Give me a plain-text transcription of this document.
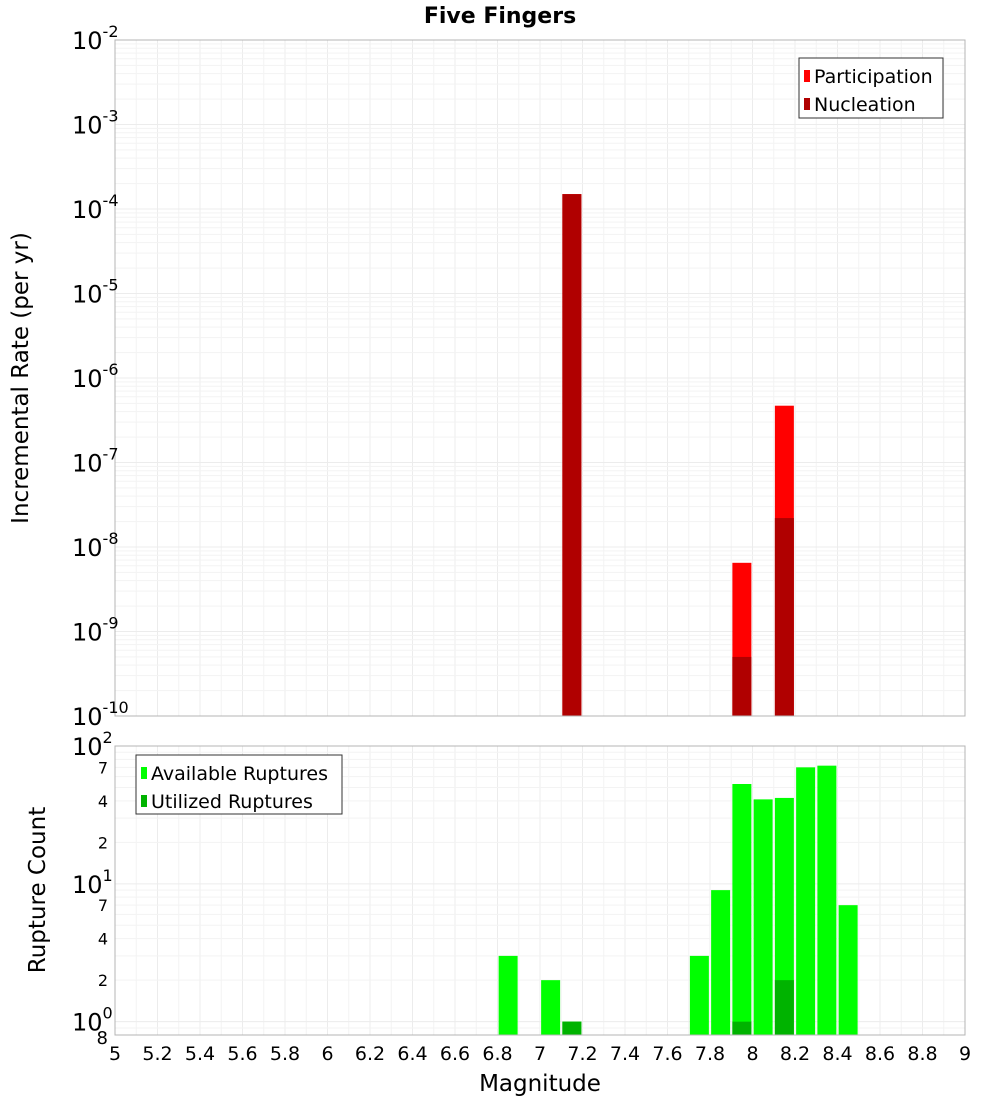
Five Fingers
$10^{-2}$
$10^{-3}$
$10^{-4}$
$10^{-5}$
$10^{-6}$
$10^{-7}$
$10^{-8}$
$10^{-9}$
$10^{-10}$
Incremental Rate (per yr)
Participation
Nucleation
$10^2$
$10^1$
$10^0$
7
4
2
7
4
2
8
Rupture Count
Available Ruptures
Utilized Ruptures
5 5.2 5.4 5.6 5.8 6 6.2 6.4 6.6 6.8 7 7.2 7.4 7.6 7.8 8 8.2 8.4 8.6 8.8 9
Magnitude
